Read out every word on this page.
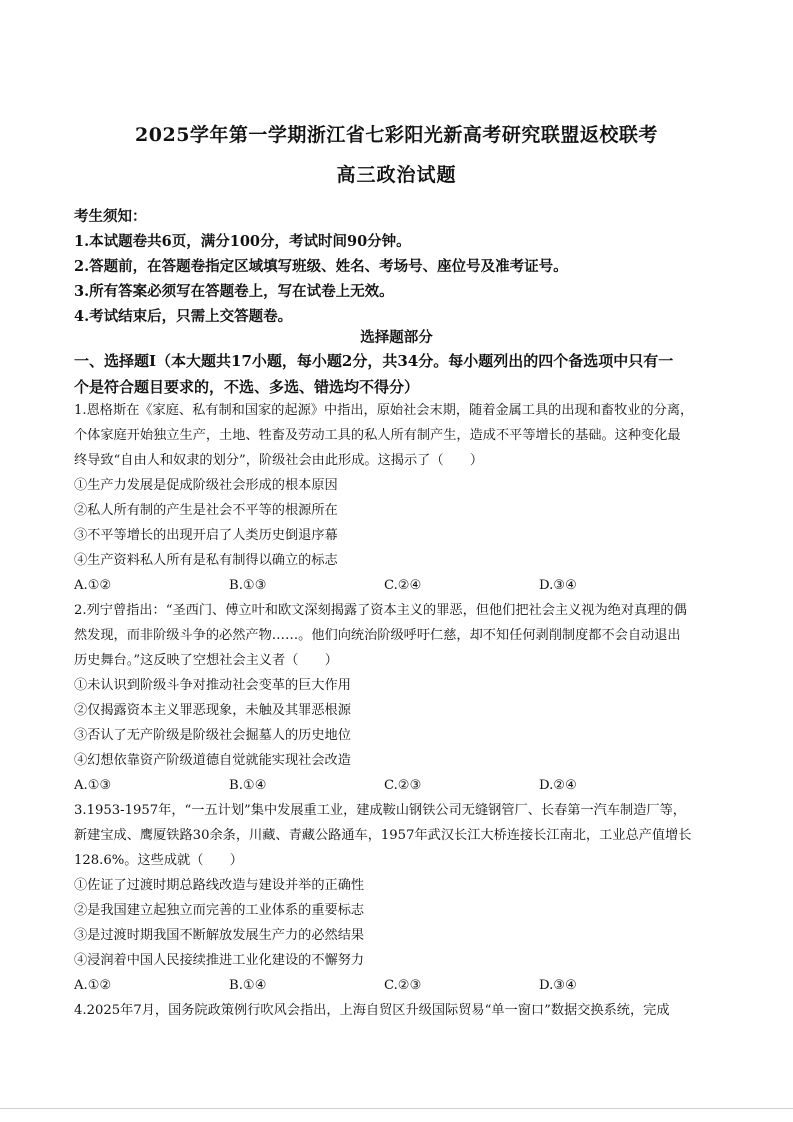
2025学年第一学期浙江省七彩阳光新高考研究联盟返校联考
高三政治试题
考生须知：
1.本试题卷共6页，满分100分，考试时间90分钟。
2.答题前，在答题卷指定区域填写班级、姓名、考场号、座位号及准考证号。
3.所有答案必须写在答题卷上，写在试卷上无效。
4.考试结束后，只需上交答题卷。
选择题部分
一、选择题Ⅰ（本大题共17小题，每小题2分，共34分。每小题列出的四个备选项中只有一
个是符合题目要求的，不选、多选、错选均不得分）
1.恩格斯在《家庭、私有制和国家的起源》中指出，原始社会末期，随着金属工具的出现和畜牧业的分离，
个体家庭开始独立生产，土地、牲畜及劳动工具的私人所有制产生，造成不平等增长的基础。这种变化最
终导致“自由人和奴隶的划分”，阶级社会由此形成。这揭示了（　　）
①生产力发展是促成阶级社会形成的根本原因
②私人所有制的产生是社会不平等的根源所在
③不平等增长的出现开启了人类历史倒退序幕
④生产资料私人所有是私有制得以确立的标志
A.①②	B.①③	C.②④	D.③④
2.列宁曾指出：“圣西门、傅立叶和欧文深刻揭露了资本主义的罪恶，但他们把社会主义视为绝对真理的偶
然发现，而非阶级斗争的必然产物……。他们向统治阶级呼吁仁慈，却不知任何剥削制度都不会自动退出
历史舞台。”这反映了空想社会主义者（　　）
①未认识到阶级斗争对推动社会变革的巨大作用
②仅揭露资本主义罪恶现象，未触及其罪恶根源
③否认了无产阶级是阶级社会掘墓人的历史地位
④幻想依靠资产阶级道德自觉就能实现社会改造
A.①③	B.①④	C.②③	D.②④
3.1953-1957年，“一五计划”集中发展重工业，建成鞍山钢铁公司无缝钢管厂、长春第一汽车制造厂等，
新建宝成、鹰厦铁路30余条，川藏、青藏公路通车，1957年武汉长江大桥连接长江南北，工业总产值增长
128.6%。这些成就（　　）
①佐证了过渡时期总路线改造与建设并举的正确性
②是我国建立起独立而完善的工业体系的重要标志
③是过渡时期我国不断解放发展生产力的必然结果
④浸润着中国人民接续推进工业化建设的不懈努力
A.①②	B.①④	C.②③	D.③④
4.2025年7月，国务院政策例行吹风会指出，上海自贸区升级国际贸易“单一窗口”数据交换系统，完成
